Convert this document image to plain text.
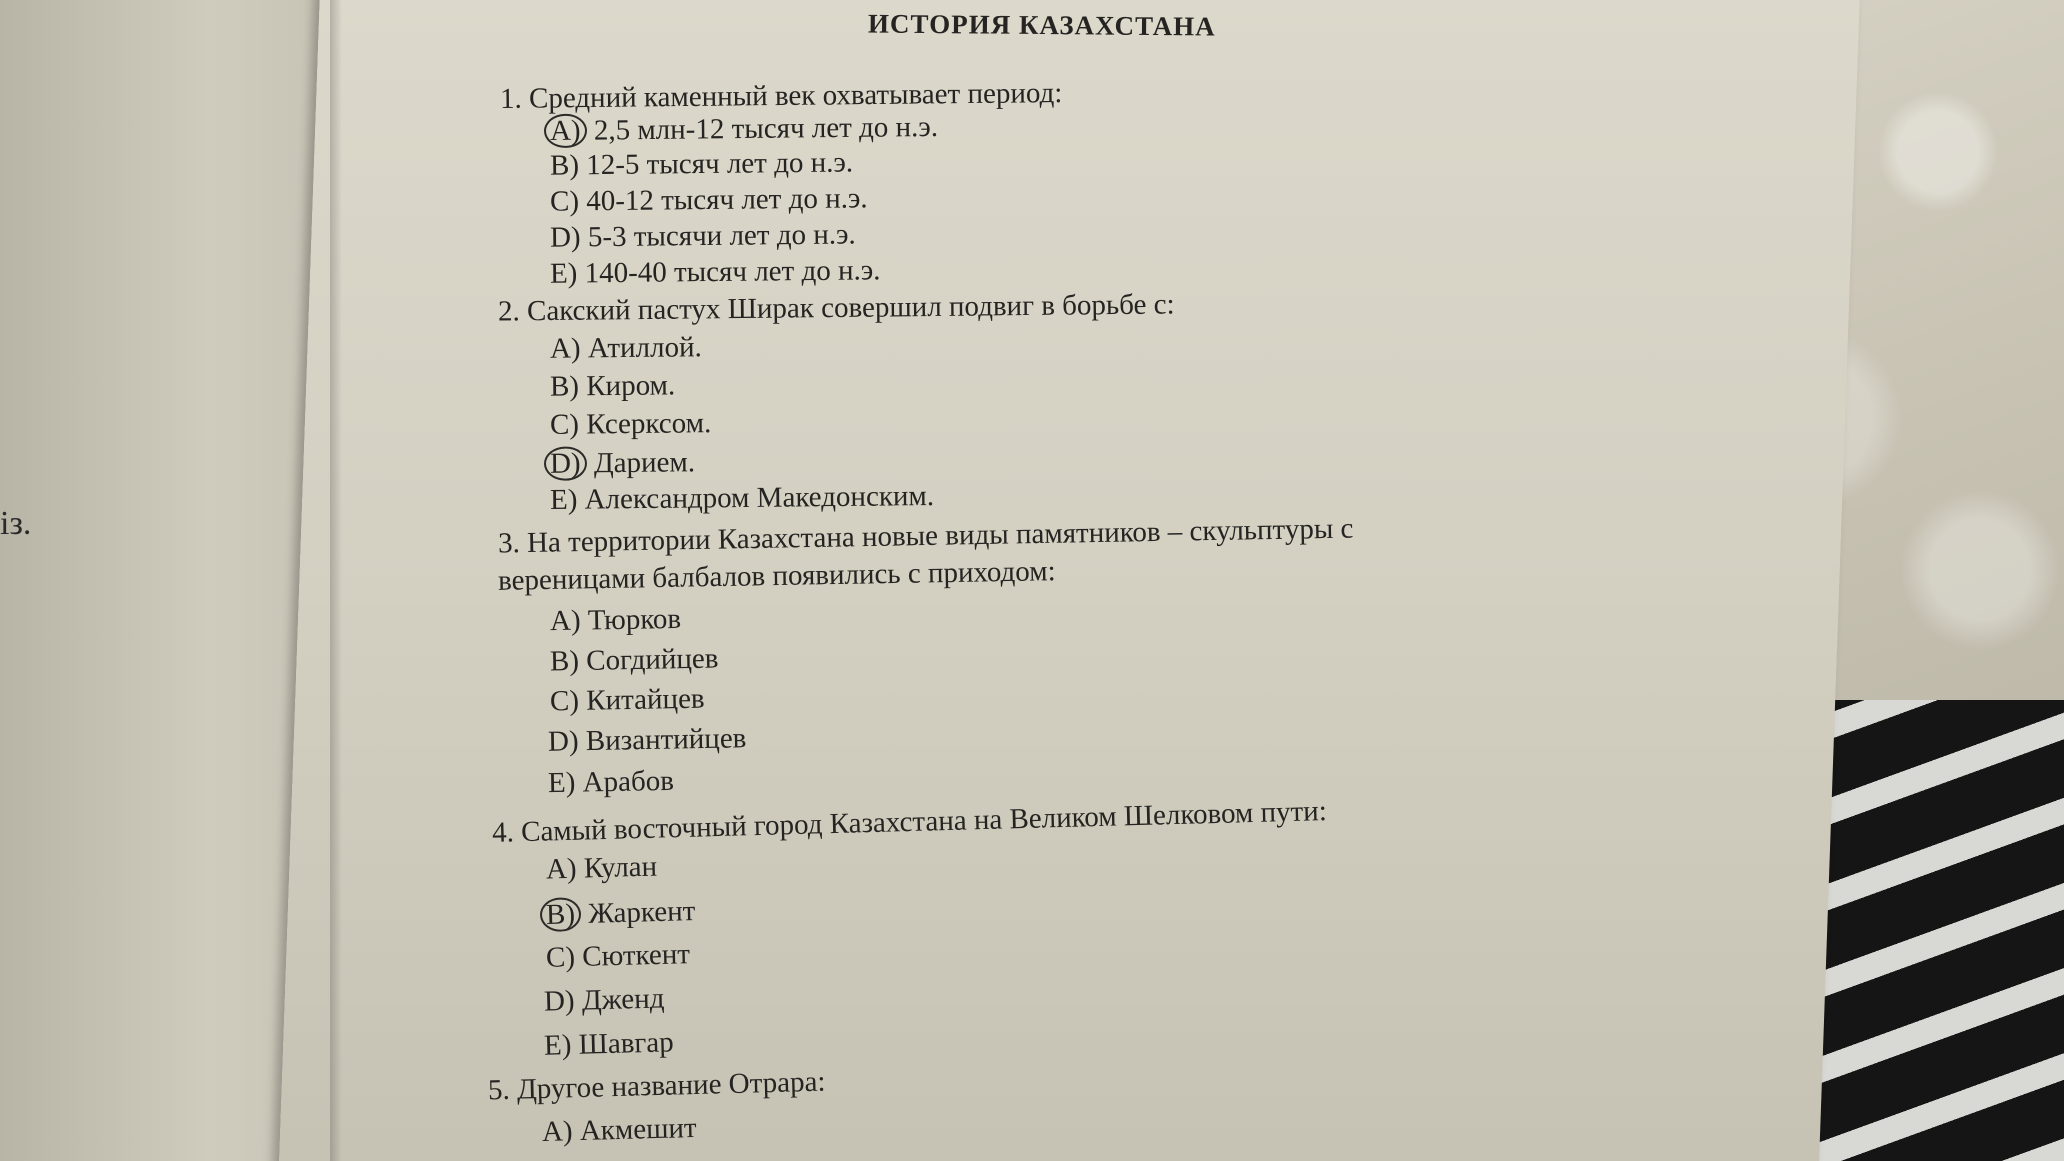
із.
ИСТОРИЯ КАЗАХСТАНА
1. Средний каменный век охватывает период:
A) 2,5 млн-12 тысяч лет до н.э.
B) 12-5 тысяч лет до н.э.
C) 40-12 тысяч лет до н.э.
D) 5-3 тысячи лет до н.э.
E) 140-40 тысяч лет до н.э.
2. Сакский пастух Ширак совершил подвиг в борьбе с:
A) Атиллой.
B) Киром.
C) Ксерксом.
D) Дарием.
E) Александром Македонским.
3. На территории Казахстана новые виды памятников – скульптуры с
вереницами балбалов появились с приходом:
A) Тюрков
B) Согдийцев
C) Китайцев
D) Византийцев
E) Арабов
4. Самый восточный город Казахстана на Великом Шелковом пути:
A) Кулан
B) Жаркент
C) Сюткент
D) Дженд
E) Шавгар
5. Другое название Отрара:
A) Акмешит
